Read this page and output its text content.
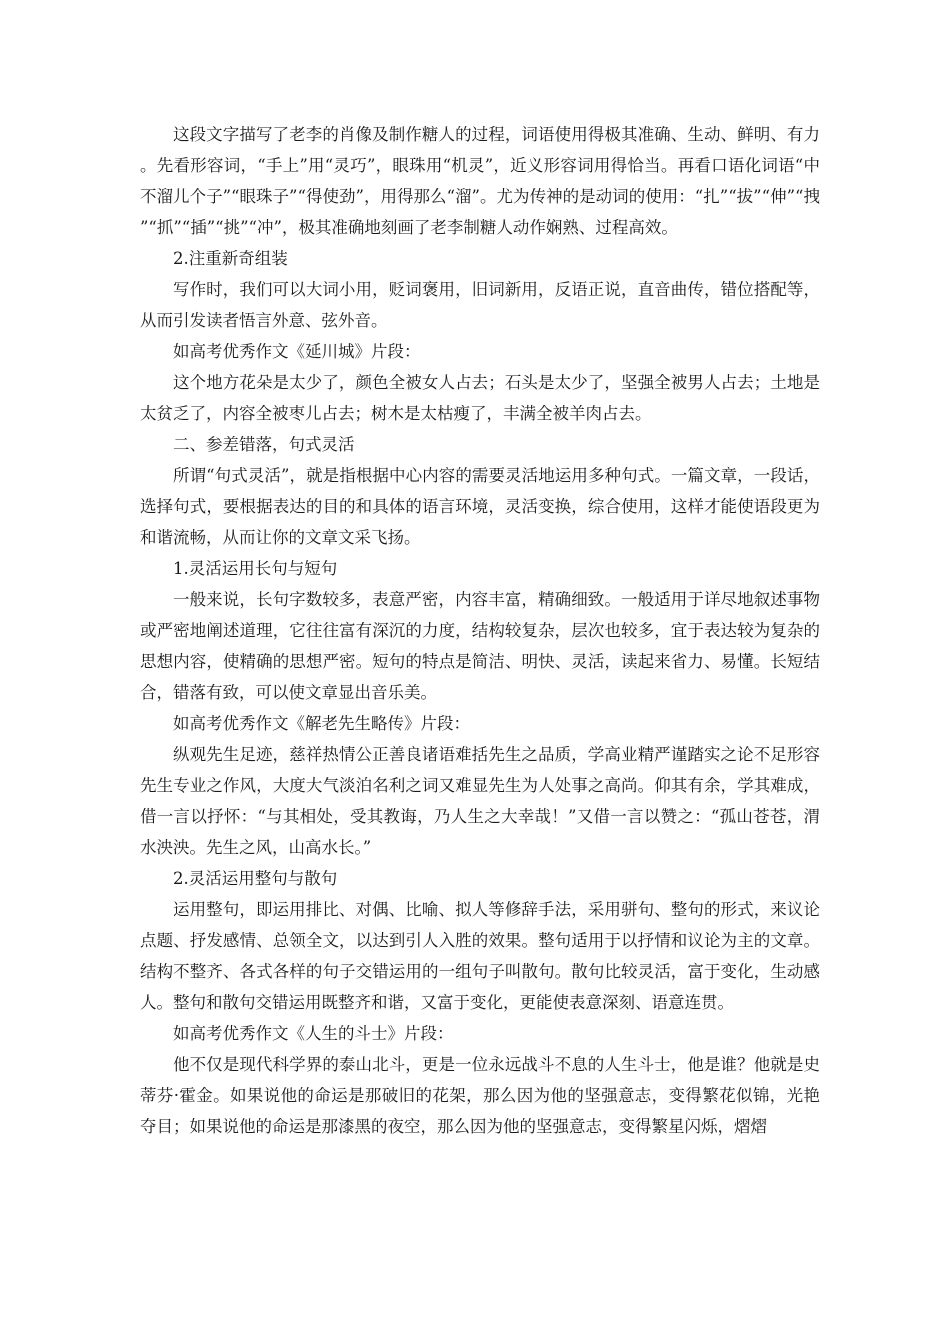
这段文字描写了老李的肖像及制作糖人的过程，词语使用得极其准确、生动、鲜明、有力。先看形容词，“手上”用“灵巧”，眼珠用“机灵”，近义形容词用得恰当。再看口语化词语“中不溜儿个子”“眼珠子”“得使劲”，用得那么“溜”。尤为传神的是动词的使用：“扎”“拔”“伸”“拽”“抓”“插”“挑”“冲”，极其准确地刻画了老李制糖人动作娴熟、过程高效。

2.注重新奇组装

写作时，我们可以大词小用，贬词褒用，旧词新用，反语正说，直音曲传，错位搭配等，从而引发读者悟言外意、弦外音。

如高考优秀作文《延川城》片段：

这个地方花朵是太少了，颜色全被女人占去；石头是太少了，坚强全被男人占去；土地是太贫乏了，内容全被枣儿占去；树木是太枯瘦了，丰满全被羊肉占去。

二、参差错落，句式灵活

所谓“句式灵活”，就是指根据中心内容的需要灵活地运用多种句式。一篇文章，一段话，选择句式，要根据表达的目的和具体的语言环境，灵活变换，综合使用，这样才能使语段更为和谐流畅，从而让你的文章文采飞扬。

1.灵活运用长句与短句

一般来说，长句字数较多，表意严密，内容丰富，精确细致。一般适用于详尽地叙述事物或严密地阐述道理，它往往富有深沉的力度，结构较复杂，层次也较多，宜于表达较为复杂的思想内容，使精确的思想严密。短句的特点是简洁、明快、灵活，读起来省力、易懂。长短结合，错落有致，可以使文章显出音乐美。

如高考优秀作文《解老先生略传》片段：

纵观先生足迹，慈祥热情公正善良诸语难括先生之品质，学高业精严谨踏实之论不足形容先生专业之作风，大度大气淡泊名利之词又难显先生为人处事之高尚。仰其有余，学其难成，借一言以抒怀：“与其相处，受其教诲，乃人生之大幸哉！”又借一言以赞之：“孤山苍苍，渭水泱泱。先生之风，山高水长。”

2.灵活运用整句与散句

运用整句，即运用排比、对偶、比喻、拟人等修辞手法，采用骈句、整句的形式，来议论点题、抒发感情、总领全文，以达到引人入胜的效果。整句适用于以抒情和议论为主的文章。结构不整齐、各式各样的句子交错运用的一组句子叫散句。散句比较灵活，富于变化，生动感人。整句和散句交错运用既整齐和谐，又富于变化，更能使表意深刻、语意连贯。

如高考优秀作文《人生的斗士》片段：

他不仅是现代科学界的泰山北斗，更是一位永远战斗不息的人生斗士，他是谁？他就是史蒂芬·霍金。如果说他的命运是那破旧的花架，那么因为他的坚强意志，变得繁花似锦，光艳夺目；如果说他的命运是那漆黑的夜空，那么因为他的坚强意志，变得繁星闪烁，熠熠
